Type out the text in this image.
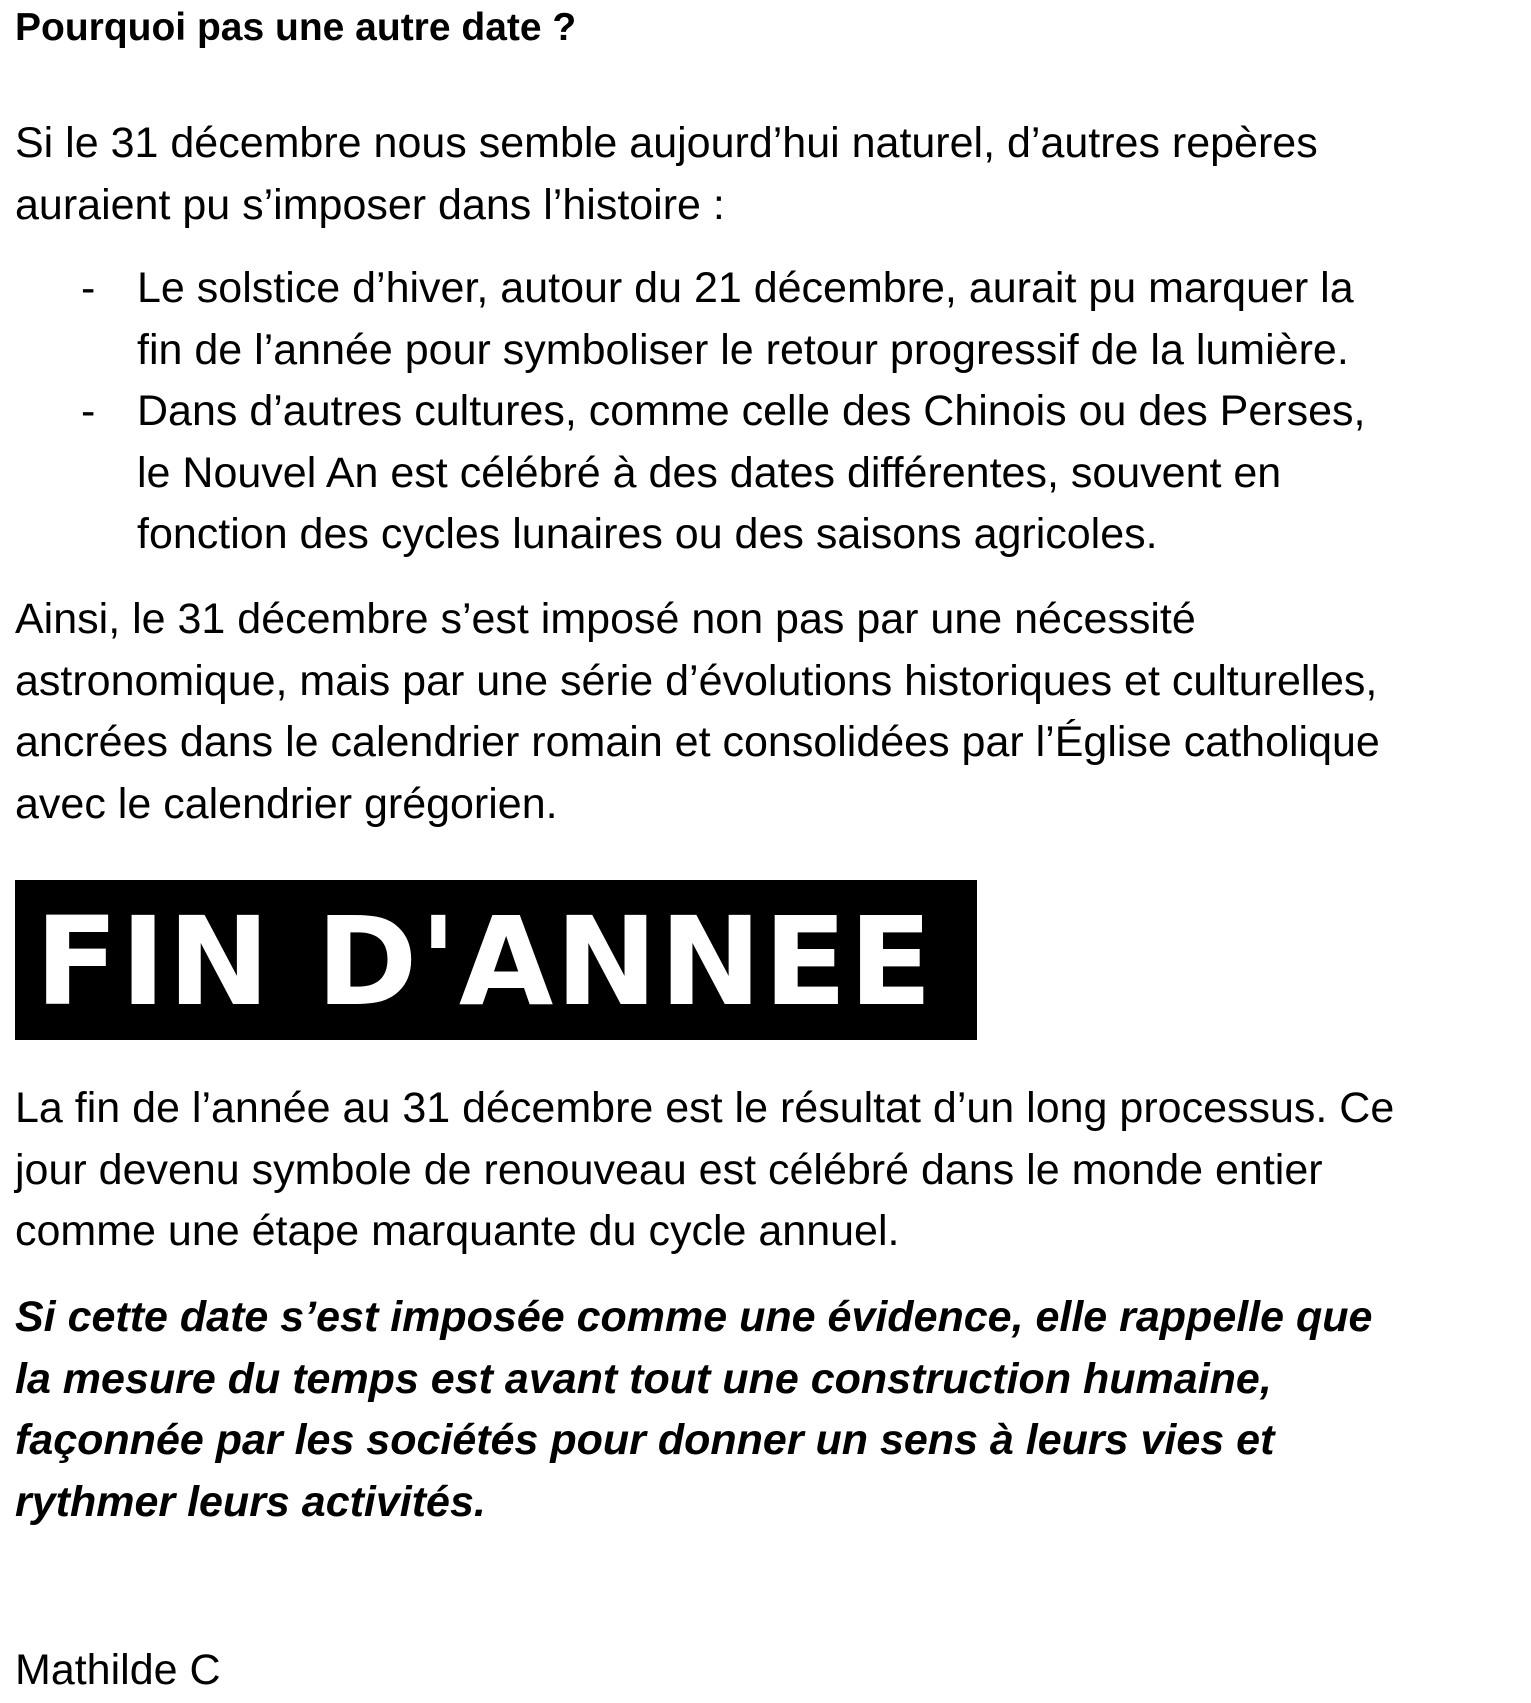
Pourquoi pas une autre date ?

Si le 31 décembre nous semble aujourd’hui naturel, d’autres repères
auraient pu s’imposer dans l’histoire :

- Le solstice d’hiver, autour du 21 décembre, aurait pu marquer la
fin de l’année pour symboliser le retour progressif de la lumière.
- Dans d’autres cultures, comme celle des Chinois ou des Perses,
le Nouvel An est célébré à des dates différentes, souvent en
fonction des cycles lunaires ou des saisons agricoles.

Ainsi, le 31 décembre s’est imposé non pas par une nécessité
astronomique, mais par une série d’évolutions historiques et culturelles,
ancrées dans le calendrier romain et consolidées par l’Église catholique
avec le calendrier grégorien.

FIN D'ANNEE

La fin de l’année au 31 décembre est le résultat d’un long processus. Ce
jour devenu symbole de renouveau est célébré dans le monde entier
comme une étape marquante du cycle annuel.

Si cette date s’est imposée comme une évidence, elle rappelle que
la mesure du temps est avant tout une construction humaine,
façonnée par les sociétés pour donner un sens à leurs vies et
rythmer leurs activités.

Mathilde C
